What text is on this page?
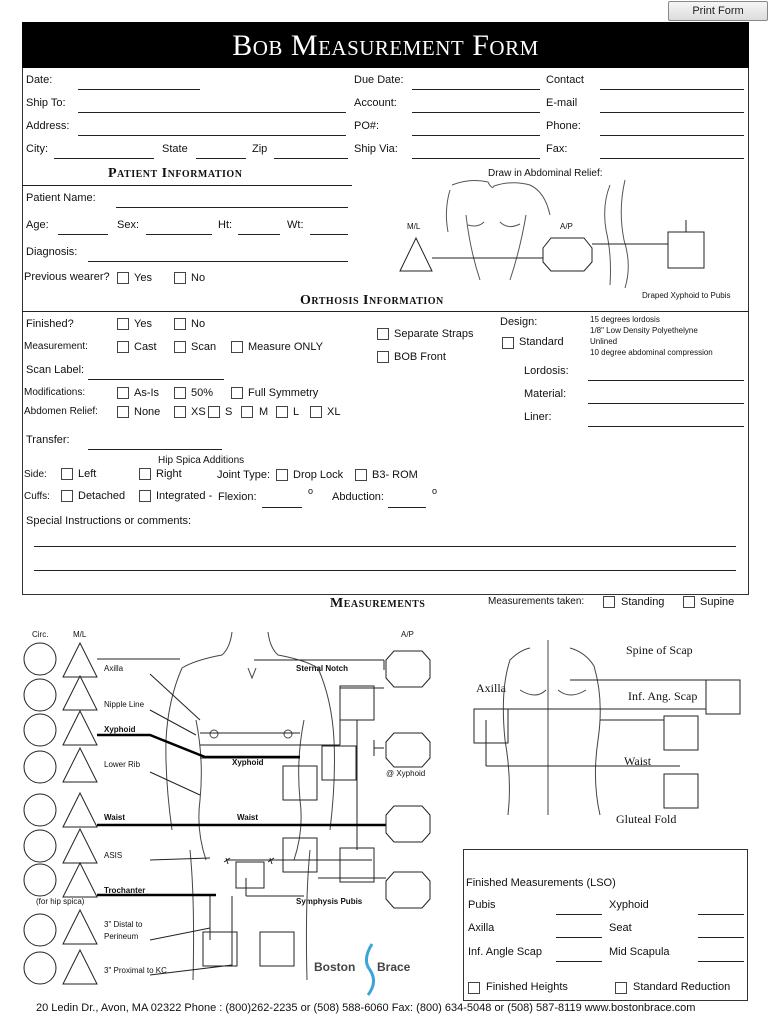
Print Form
Bob Measurement Form
Date:	Due Date:	Contact
Ship To:	Account:	E-mail
Address:	PO#:	Phone:
City:	State	Zip	Ship Via:	Fax:
Patient Information
Patient Name:
Age:	Sex:	Ht:	Wt:
Diagnosis:
Previous wearer? Yes	No
Draw in Abdominal Relief:
M/L	A/P
Draped Xyphoid to Pubis
Orthosis Information
Finished?	Yes	No
Measurement:	Cast	Scan	Measure ONLY
Separate Straps
BOB Front
Design:
Standard
15 degrees lordosis
1/8" Low Density Polyethelyne
Unlined
10 degree abdominal compression
Scan Label:	Lordosis:
Modifications:	As-Is	50%	Full Symmetry	Material:
Abdomen Relief:	None	XS S M L	XL	Liner:
Transfer:
Hip Spica Additions
Side:	Left	Right	Joint Type: Drop Lock	B3- ROM
Cuffs:	Detached	Integrated - Flexion:	o Abduction:	o
Special Instructions or comments:
Measurements	Measurements taken:	Standing	Supine
Circ.	M/L	A/P
Axilla	Sternal Notch
Nipple Line
Xyphoid
Xyphoid
@ Xyphoid
Lower Rib
Waist	Waist
ASIS
Trochanter
(for hip spica)	Symphysis Pubis
3" Distal to
Perineum
3" Proximal to KC
Spine of Scap
Axilla
Inf. Ang. Scap
Waist
Gluteal Fold
Finished Measurements (LSO)
Pubis	Xyphoid
Axilla	Seat
Inf. Angle Scap	Mid Scapula
Finished Heights	Standard Reduction
Boston Brace
20 Ledin Dr., Avon, MA 02322 Phone : (800)262-2235 or (508) 588-6060 Fax: (800) 634-5048 or (508) 587-8119 www.bostonbrace.com
